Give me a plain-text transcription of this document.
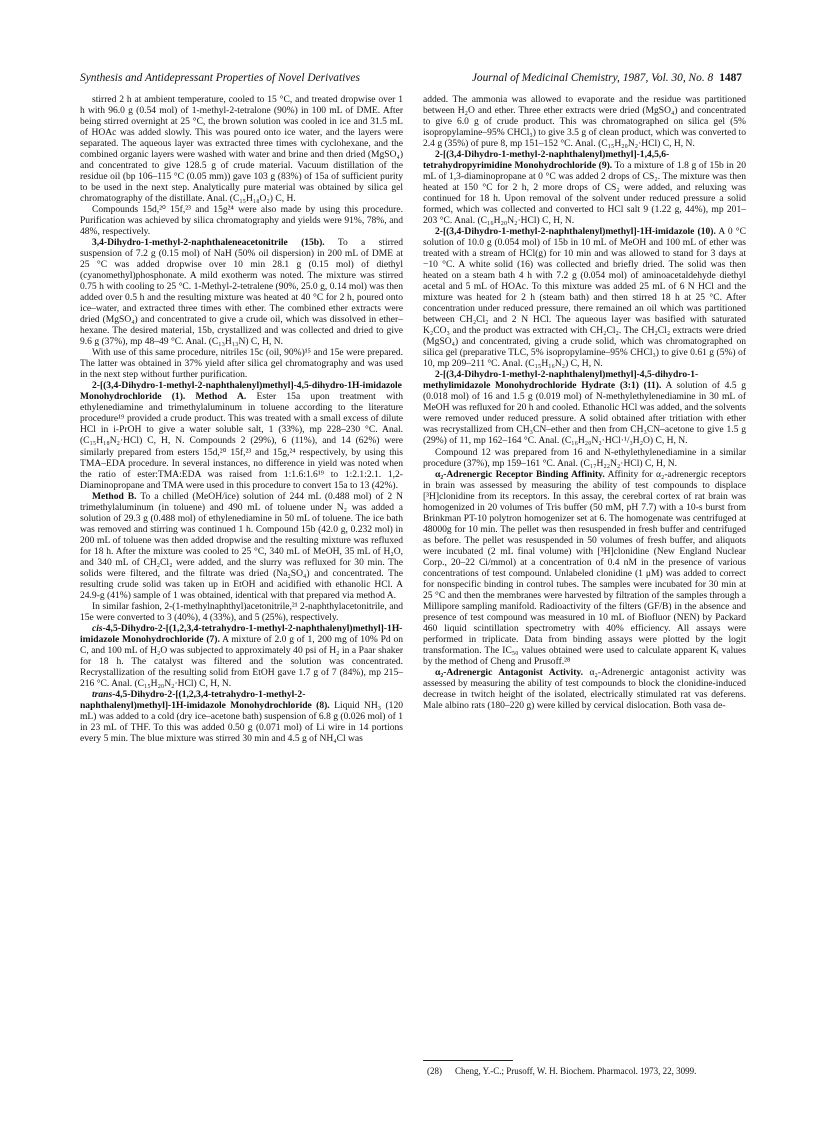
Synthesis and Antidepressant Properties of Novel Derivatives	Journal of Medicinal Chemistry, 1987, Vol. 30, No. 8 1487

stirred 2 h at ambient temperature, cooled to 15 °C, and treated dropwise over 1 h with 96.0 g (0.54 mol) of 1-methyl-2-tetralone (90%) in 100 mL of DME. After being stirred overnight at 25 °C, the brown solution was cooled in ice and 31.5 mL of HOAc was added slowly. This was poured onto ice water, and the layers were separated. The aqueous layer was extracted three times with cyclohexane, and the combined organic layers were washed with water and brine and then dried (MgSO₄) and concentrated to give 128.5 g of crude material. Vacuum distillation of the residue oil (bp 106–115 °C (0.05 mm)) gave 103 g (83%) of 15a of sufficient purity to be used in the next step. Analytically pure material was obtained by silica gel chromatography of the distillate. Anal. (C₁₅H₁₈O₂) C, H.

Compounds 15d,²⁰ 15f,²³ and 15g²⁴ were also made by using this procedure. Purification was achieved by silica chromatography and yields were 91%, 78%, and 48%, respectively.

3,4-Dihydro-1-methyl-2-naphthaleneacetonitrile (15b). To a stirred suspension of 7.2 g (0.15 mol) of NaH (50% oil dispersion) in 200 mL of DME at 25 °C was added dropwise over 10 min 28.1 g (0.15 mol) of diethyl (cyanomethyl)phosphonate. A mild exotherm was noted. The mixture was stirred 0.75 h with cooling to 25 °C. 1-Methyl-2-tetralene (90%, 25.0 g, 0.14 mol) was then added over 0.5 h and the resulting mixture was heated at 40 °C for 2 h, poured onto ice–water, and extracted three times with ether. The combined ether extracts were dried (MgSO₄) and concentrated to give a crude oil, which was dissolved in ether–hexane. The desired material, 15b, crystallized and was collected and dried to give 9.6 g (37%), mp 48–49 °C. Anal. (C₁₃H₁₃N) C, H, N.

With use of this same procedure, nitriles 15c (oil, 90%)¹⁵ and 15e were prepared. The latter was obtained in 37% yield after silica gel chromatography and was used in the next step without further purification.

2-[(3,4-Dihydro-1-methyl-2-naphthalenyl)methyl]-4,5-dihydro-1H-imidazole Monohydrochloride (1). Method A. Ester 15a upon treatment with ethylenediamine and trimethylaluminum in toluene according to the literature procedure¹⁹ provided a crude product. This was treated with a small excess of dilute HCl in i-PrOH to give a water soluble salt, 1 (33%), mp 228–230 °C. Anal. (C₁₅H₁₈N₂·HCl) C, H, N. Compounds 2 (29%), 6 (11%), and 14 (62%) were similarly prepared from esters 15d,²⁰ 15f,²³ and 15g,²⁴ respectively, by using this TMA–EDA procedure. In several instances, no difference in yield was noted when the ratio of ester:TMA:EDA was raised from 1:1.6:1.6¹⁹ to 1:2.1:2.1. 1,2-Diaminopropane and TMA were used in this procedure to convert 15a to 13 (42%).

Method B. To a chilled (MeOH/ice) solution of 244 mL (0.488 mol) of 2 N trimethylaluminum (in toluene) and 490 mL of toluene under N₂ was added a solution of 29.3 g (0.488 mol) of ethylenediamine in 50 mL of toluene. The ice bath was removed and stirring was continued 1 h. Compound 15b (42.0 g, 0.232 mol) in 200 mL of toluene was then added dropwise and the resulting mixture was refluxed for 18 h. After the mixture was cooled to 25 °C, 340 mL of MeOH, 35 mL of H₂O, and 340 mL of CH₂Cl₂ were added, and the slurry was refluxed for 30 min. The solids were filtered, and the filtrate was dried (Na₂SO₄) and concentrated. The resulting crude solid was taken up in EtOH and acidified with ethanolic HCl. A 24.9-g (41%) sample of 1 was obtained, identical with that prepared via method A.

In similar fashion, 2-(1-methylnaphthyl)acetonitrile,²¹ 2-naphthylacetonitrile, and 15e were converted to 3 (40%), 4 (33%), and 5 (25%), respectively.

cis-4,5-Dihydro-2-[(1,2,3,4-tetrahydro-1-methyl-2-naphthalenyl)methyl]-1H-imidazole Monohydrochloride (7). A mixture of 2.0 g of 1, 200 mg of 10% Pd on C, and 100 mL of H₂O was subjected to approximately 40 psi of H₂ in a Paar shaker for 18 h. The catalyst was filtered and the solution was concentrated. Recrystallization of the resulting solid from EtOH gave 1.7 g of 7 (84%), mp 215–216 °C. Anal. (C₁₅H₂₀N₂·HCl) C, H, N.

trans-4,5-Dihydro-2-[(1,2,3,4-tetrahydro-1-methyl-2-naphthalenyl)methyl]-1H-imidazole Monohydrochloride (8). Liquid NH₃ (120 mL) was added to a cold (dry ice–acetone bath) suspension of 6.8 g (0.026 mol) of 1 in 23 mL of THF. To this was added 0.50 g (0.071 mol) of Li wire in 14 portions every 5 min. The blue mixture was stirred 30 min and 4.5 g of NH₄Cl was

added. The ammonia was allowed to evaporate and the residue was partitioned between H₂O and ether. Three ether extracts were dried (MgSO₄) and concentrated to give 6.0 g of crude product. This was chromatographed on silica gel (5% isopropylamine–95% CHCl₃) to give 3.5 g of clean product, which was converted to 2.4 g (35%) of pure 8, mp 151–152 °C. Anal. (C₁₅H₂₀N₂·HCl) C, H, N.

2-[(3,4-Dihydro-1-methyl-2-naphthalenyl)methyl]-1,4,5,6-tetrahydropyrimidine Monohydrochloride (9). To a mixture of 1.8 g of 15b in 20 mL of 1,3-diaminopropane at 0 °C was added 2 drops of CS₂. The mixture was then heated at 150 °C for 2 h, 2 more drops of CS₂ were added, and reluxing was continued for 18 h. Upon removal of the solvent under reduced pressure a solid formed, which was collected and converted to HCl salt 9 (1.22 g, 44%), mp 201–203 °C. Anal. (C₁₆H₂₀N₂·HCl) C, H, N.

2-[(3,4-Dihydro-1-methyl-2-naphthalenyl)methyl]-1H-imidazole (10). A 0 °C solution of 10.0 g (0.054 mol) of 15b in 10 mL of MeOH and 100 mL of ether was treated with a stream of HCl(g) for 10 min and was allowed to stand for 3 days at −10 °C. A white solid (16) was collected and briefly dried. The solid was then heated on a steam bath 4 h with 7.2 g (0.054 mol) of aminoacetaldehyde diethyl acetal and 5 mL of HOAc. To this mixture was added 25 mL of 6 N HCl and the mixture was heated for 2 h (steam bath) and then stirred 18 h at 25 °C. After concentration under reduced pressure, there remained an oil which was partitioned between CH₂Cl₂ and 2 N HCl. The aqueous layer was basified with saturated K₂CO₃ and the product was extracted with CH₂Cl₂. The CH₂Cl₂ extracts were dried (MgSO₄) and concentrated, giving a crude solid, which was chromatographed on silica gel (preparative TLC, 5% isopropylamine–95% CHCl₃) to give 0.61 g (5%) of 10, mp 209–211 °C. Anal. (C₁₅H₁₆N₂) C, H, N.

2-[(3,4-Dihydro-1-methyl-2-naphthalenyl)methyl]-4,5-dihydro-1-methylimidazole Monohydrochloride Hydrate (3:1) (11). A solution of 4.5 g (0.018 mol) of 16 and 1.5 g (0.019 mol) of N-methylethylenediamine in 30 mL of MeOH was refluxed for 20 h and cooled. Ethanolic HCl was added, and the solvents were removed under reduced pressure. A solid obtained after tritiation with ether was recrystallized from CH₃CN–ether and then from CH₃CN–acetone to give 1.5 g (29%) of 11, mp 162–164 °C. Anal. (C₁₆H₂₀N₂·HCl·¹/₃H₂O) C, H, N.

Compound 12 was prepared from 16 and N-ethylethylenediamine in a similar procedure (37%), mp 159–161 °C. Anal. (C₁₇H₂₂N₂·HCl) C, H, N.

α₂-Adrenergic Receptor Binding Affinity. Affinity for α₂-adrenergic receptors in brain was assessed by measuring the ability of test compounds to displace [³H]clonidine from its receptors. In this assay, the cerebral cortex of rat brain was homogenized in 20 volumes of Tris buffer (50 mM, pH 7.7) with a 10-s burst from Brinkman PT-10 polytron homogenizer set at 6. The homogenate was centrifuged at 48000g for 10 min. The pellet was then resuspended in fresh buffer and centrifuged as before. The pellet was resuspended in 50 volumes of fresh buffer, and aliquots were incubated (2 mL final volume) with [³H]clonidine (New England Nuclear Corp., 20–22 Ci/mmol) at a concentration of 0.4 nM in the presence of various concentrations of test compound. Unlabeled clonidine (1 μM) was added to correct for nonspecific binding in control tubes. The samples were incubated for 30 min at 25 °C and then the membranes were harvested by filtration of the samples through a Millipore sampling manifold. Radioactivity of the filters (GF/B) in the absence and presence of test compound was measured in 10 mL of Biofluor (NEN) by Packard 460 liquid scintillation spectrometry with 40% efficiency. All assays were performed in triplicate. Data from binding assays were plotted by the logit transformation. The IC₅₀ values obtained were used to calculate apparent Kᵢ values by the method of Cheng and Prusoff.²⁸

α₂-Adrenergic Antagonist Activity. α₂-Adrenergic antagonist activity was assessed by measuring the ability of test compounds to block the clonidine-induced decrease in twitch height of the isolated, electrically stimulated rat vas deferens. Male albino rats (180–220 g) were killed by cervical dislocation. Both vasa de-

(28) Cheng, Y.-C.; Prusoff, W. H. Biochem. Pharmacol. 1973, 22, 3099.
